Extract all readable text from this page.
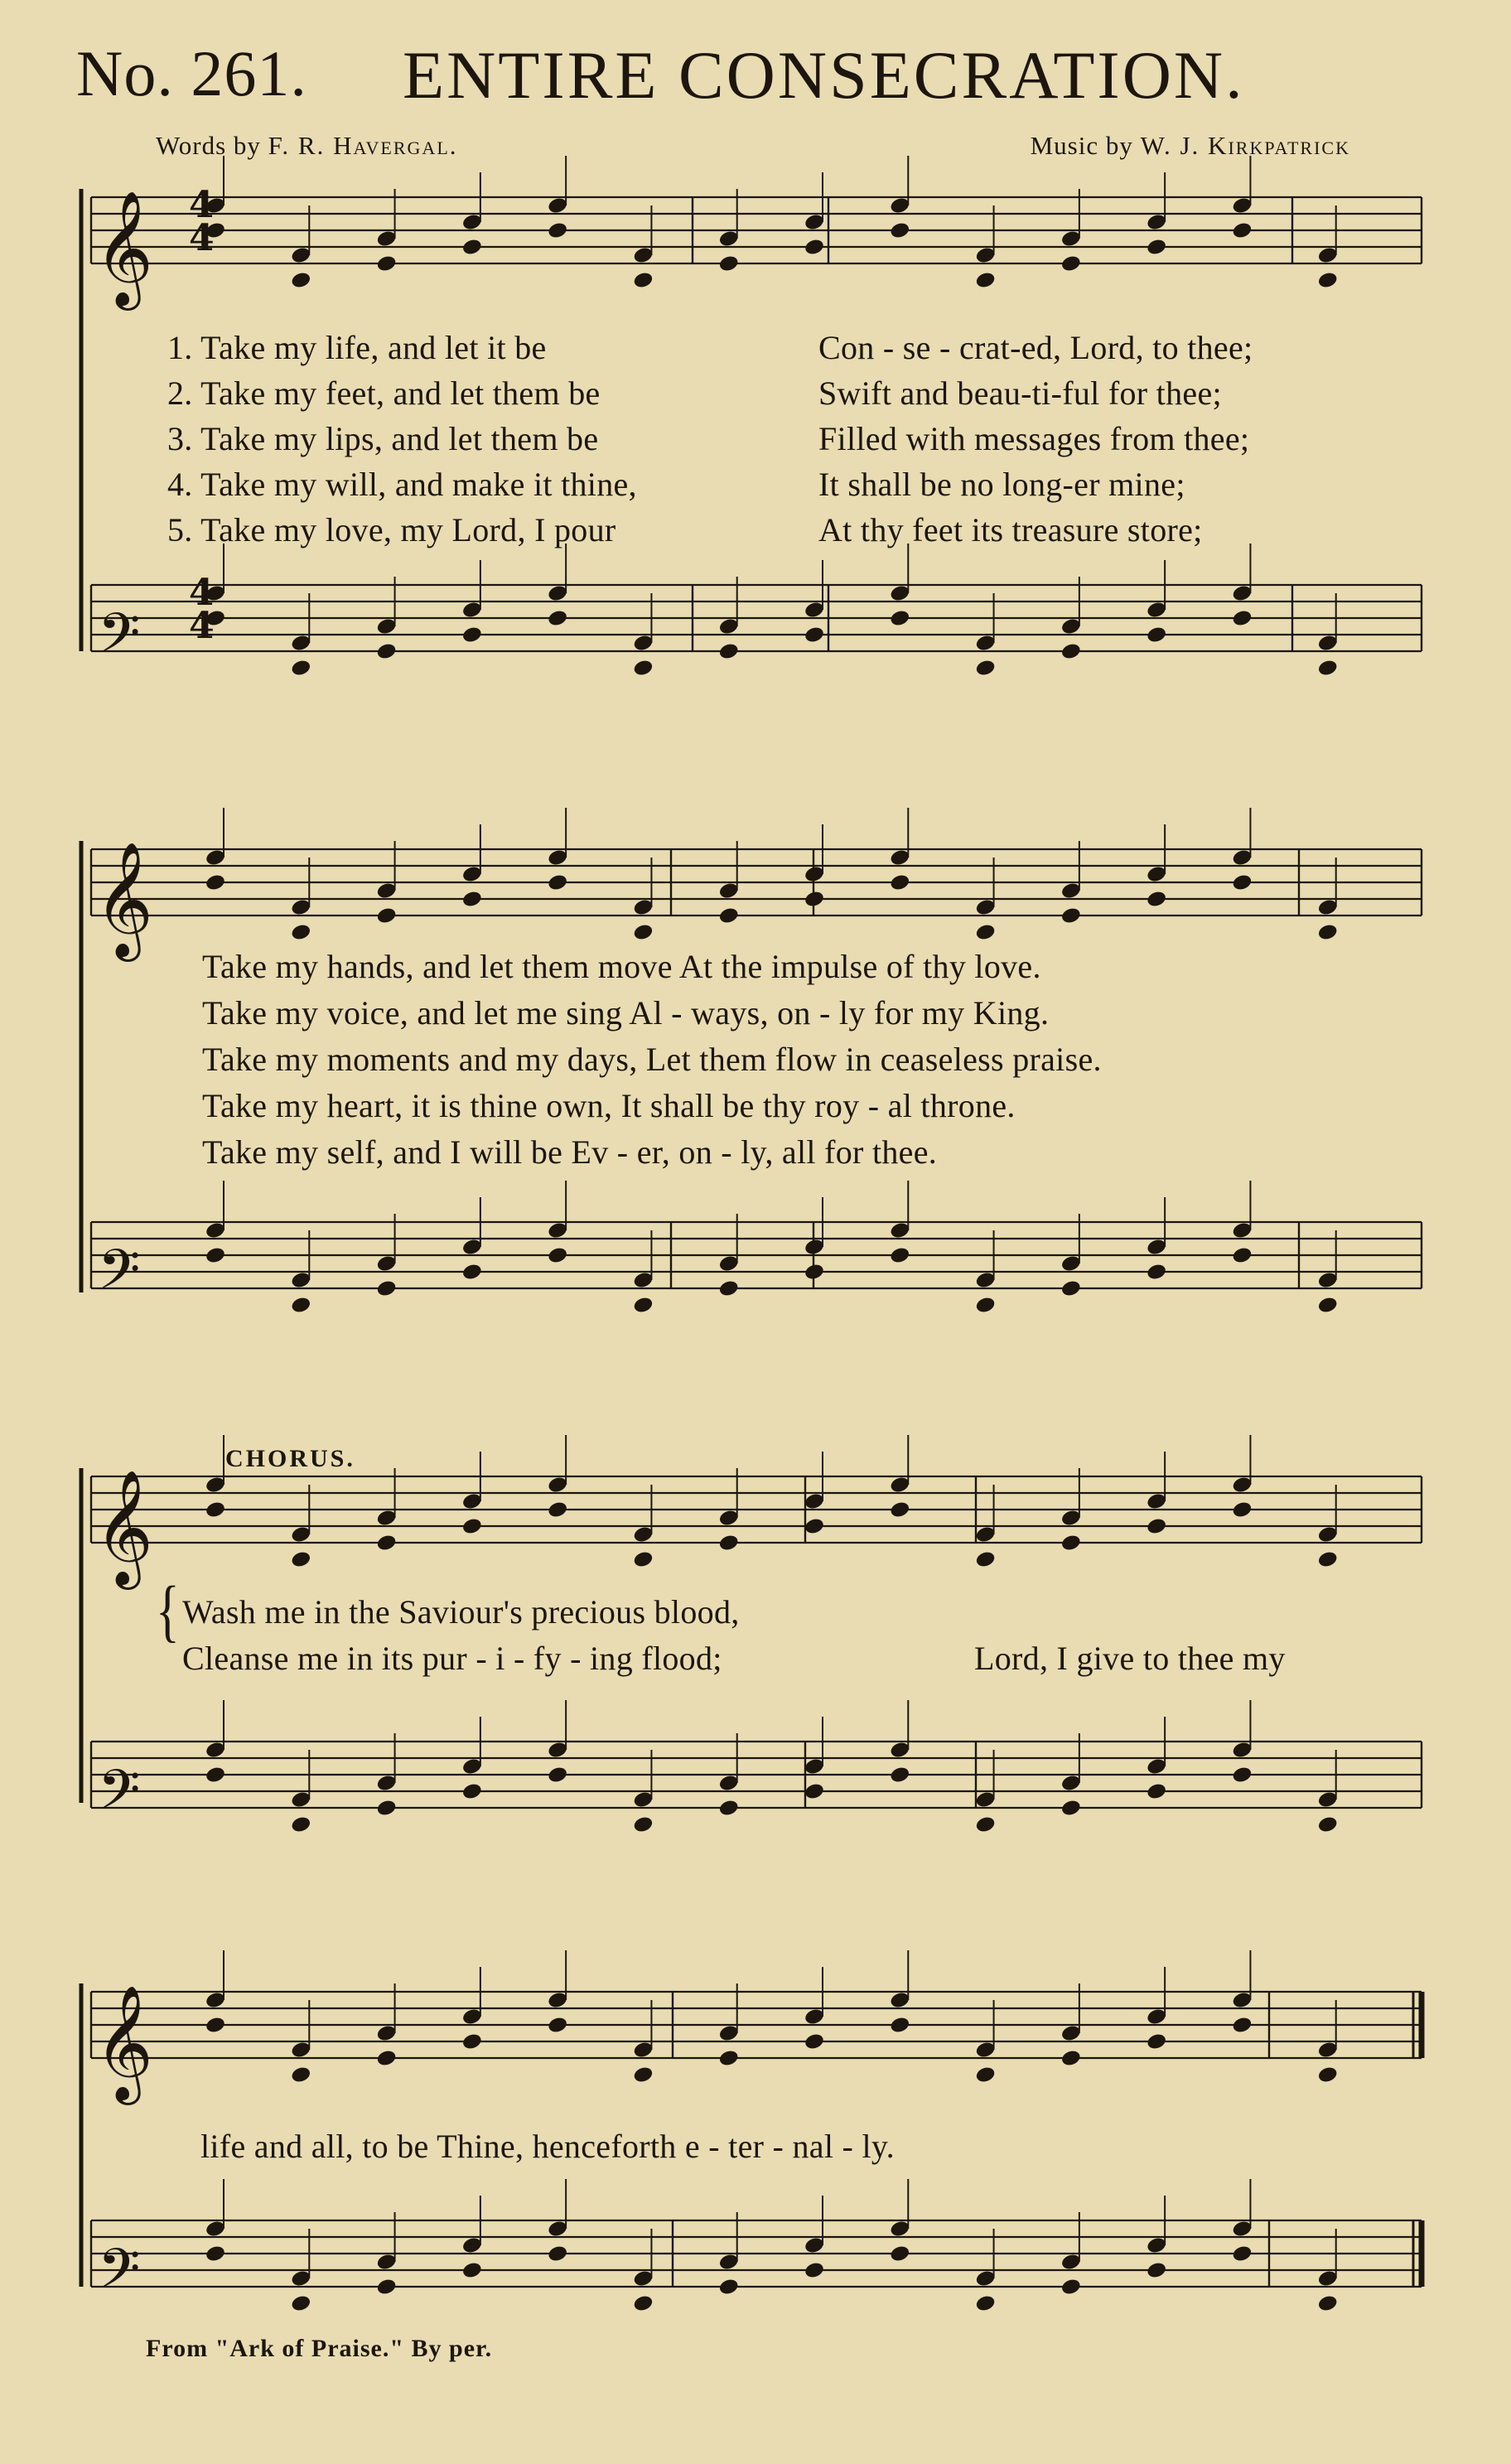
No. 261. ENTIRE CONSECRATION.
Words by F. R. Havergal.	Music by W. J. Kirkpatrick
𝄞
𝄢
𝄞
𝄢
𝄞
𝄢
𝄞
𝄢
4
4
4
4
1. Take my life, and let it be
2. Take my feet, and let them be
3. Take my lips, and let them be
4. Take my will, and make it thine,
5. Take my love, my Lord, I pour
Con - se - crat-ed, Lord, to thee;
Swift and beau-ti-ful for thee;
Filled with messages from thee;
It shall be no long-er mine;
At thy feet its treasure store;
Take my hands, and let them move At the impulse of thy love.
Take my voice, and let me sing Al - ways, on - ly for my King.
Take my moments and my days, Let them flow in ceaseless praise.
Take my heart, it is thine own, It shall be thy roy - al throne.
Take my self, and I will be Ev - er, on - ly, all for thee.
CHORUS.
{ Wash me in the Saviour's precious blood,
Cleanse me in its pur - i - fy - ing flood;	Lord, I give to thee my
life and all, to be Thine, henceforth e - ter - nal - ly.
From "Ark of Praise." By per.
